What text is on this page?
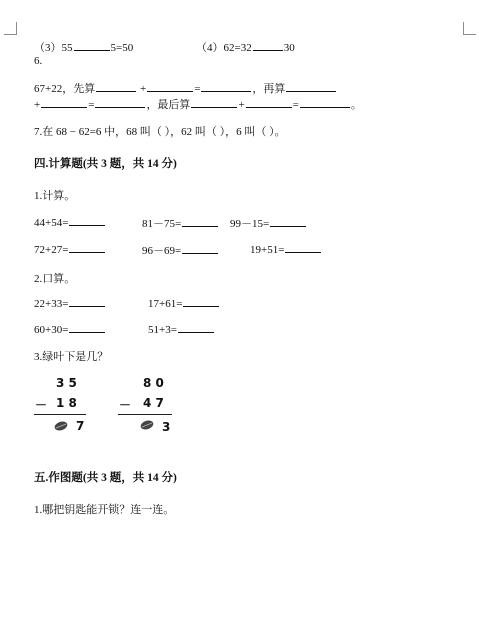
（3）55	5=50	（4）62=32	30
6.
67+22，先算	+	=	，再算
+	=	，最后算	+	=	。
7.在 68 − 62=6 中，68 叫（ ），62 叫（ ），6 叫（ ）。
四.计算题(共 3 题，共 14 分)
1.计算。
44+54=	81－75=	99－15=
72+27=	96－69=	19+51=
2.口算。
22+33=	17+61=
60+30=	51+3=
3.绿叶下是几？
3 5
－ 1 8
7
8 0
－ 4 7
3
五.作图题(共 3 题，共 14 分)
1.哪把钥匙能开锁？连一连。
